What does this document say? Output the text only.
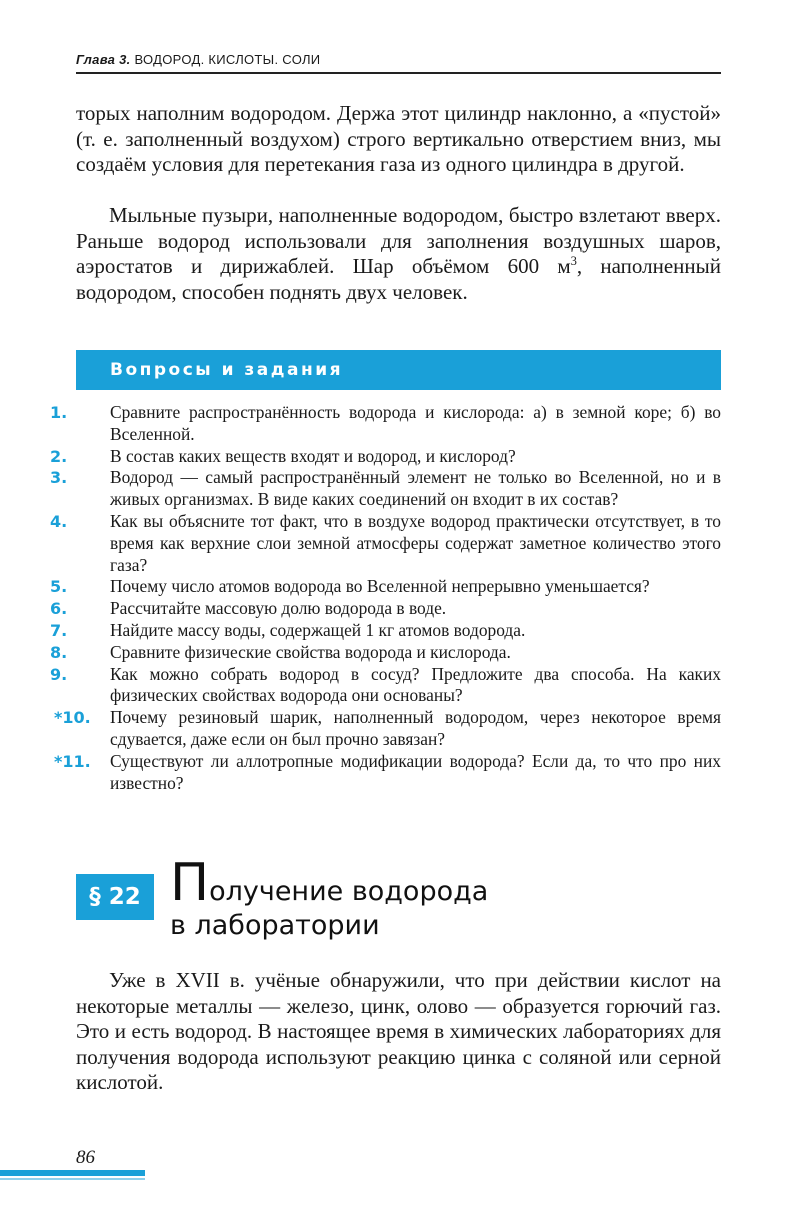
Глава 3. ВОДОРОД. КИСЛОТЫ. СОЛИ

торых наполним водородом. Держа этот цилиндр наклонно, а «пустой» (т. е. заполненный воздухом) строго вертикально отверстием вниз, мы создаём условия для перетекания газа из одного цилиндра в другой.

Мыльные пузыри, наполненные водородом, быстро взлетают вверх. Раньше водород использовали для заполнения воздушных шаров, аэростатов и дирижаблей. Шар объёмом 600 $м^3$, наполненный водородом, способен поднять двух человек.

Вопросы и задания
1.	Сравните распространённость водорода и кислорода: а) в земной коре; б) во Вселенной.
2.	В состав каких веществ входят и водород, и кислород?
3.	Водород — самый распространённый элемент не только во Вселенной, но и в живых организмах. В виде каких соединений он входит в их состав?
4.	Как вы объясните тот факт, что в воздухе водород практически отсутствует, в то время как верхние слои земной атмосферы содержат заметное количество этого газа?
5.	Почему число атомов водорода во Вселенной непрерывно уменьшается?
6.	Рассчитайте массовую долю водорода в воде.
7.	Найдите массу воды, содержащей 1 кг атомов водорода.
8.	Сравните физические свойства водорода и кислорода.
9.	Как можно собрать водород в сосуд? Предложите два способа. На каких физических свойствах водорода они основаны?
*10.	Почему резиновый шарик, наполненный водородом, через некоторое время сдувается, даже если он был прочно завязан?
*11.	Существуют ли аллотропные модификации водорода? Если да, то что про них известно?
§ 22 Получение водорода
в лаборатории

Уже в XVII в. учёные обнаружили, что при действии кислот на некоторые металлы — железо, цинк, олово — образуется горючий газ. Это и есть водород. В настоящее время в химических лабораториях для получения водорода используют реакцию цинка с соляной или серной кислотой.

86
